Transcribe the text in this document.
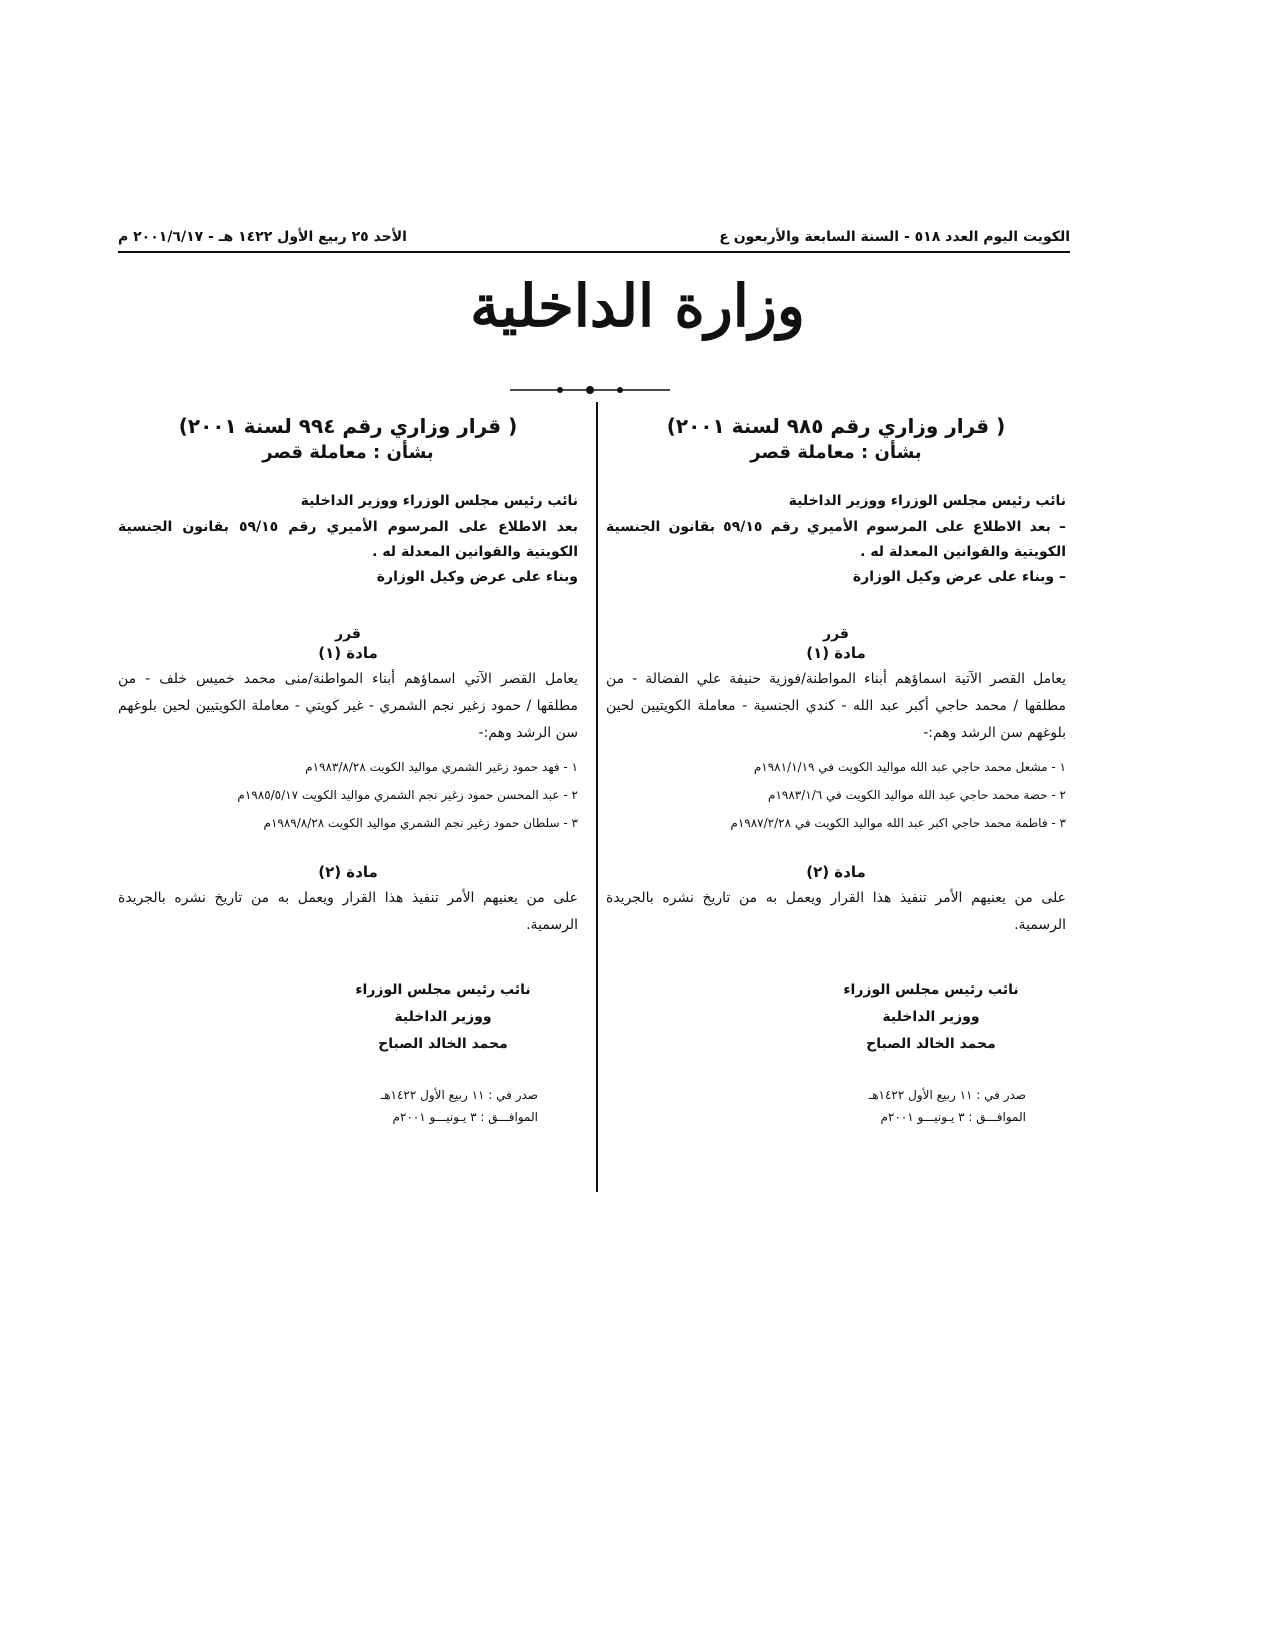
الكويت اليوم العدد ٥١٨ - السنة السابعة والأربعون ع
الأحد ٢٥ ربيع الأول ١٤٢٢ هـ - ٢٠٠١/٦/١٧ م
وزارة الداخلية
( قرار وزاري رقم ٩٨٥ لسنة ٢٠٠١)
بشأن : معاملة قصر
نائب رئيس مجلس الوزراء ووزير الداخلية

– بعد الاطلاع على المرسوم الأميري رقم ٥٩/١٥ بقانون الجنسية الكويتية والقوانين المعدلة له .

– وبناء على عرض وكيل الوزارة

قرر
مادة (١)

يعامل القصر الآتية اسماؤهم أبناء المواطنة/فوزية حنيفة علي الفضالة - من مطلقها / محمد حاجي أكبر عبد الله - كندي الجنسية - معاملة الكويتيين لحين بلوغهم سن الرشد وهم:-

١ - مشعل محمد حاجي عبد الله مواليد الكويت في ١٩٨١/١/١٩م
٢ - حصة محمد حاجي عبد الله مواليد الكويت في ١٩٨٣/١/٦م
٣ - فاطمة محمد حاجي اكبر عبد الله مواليد الكويت في ١٩٨٧/٢/٢٨م
مادة (٢)

على من يعنيهم الأمر تنفيذ هذا القرار ويعمل به من تاريخ نشره بالجريدة الرسمية.

نائب رئيس مجلس الوزراء
ووزير الداخلية
محمد الخالد الصباح
صدر في : ١١ ربيع الأول ١٤٢٢هـ
الموافـــق : ٣ يـونيـــو ٢٠٠١م
( قرار وزاري رقم ٩٩٤ لسنة ٢٠٠١)
بشأن : معاملة قصر
نائب رئيس مجلس الوزراء ووزير الداخلية

بعد الاطلاع على المرسوم الأميري رقم ٥٩/١٥ بقانون الجنسية الكويتية والقوانين المعدلة له .

وبناء على عرض وكيل الوزارة

قرر
مادة (١)

يعامل القصر الآتي اسماؤهم أبناء المواطنة/منى محمد خميس خلف - من مطلقها / حمود زغير نجم الشمري - غير كويتي - معاملة الكويتيين لحين بلوغهم سن الرشد وهم:-

١ - فهد حمود زغير الشمري مواليد الكويت ١٩٨٣/٨/٢٨م
٢ - عبد المحسن حمود زغير نجم الشمري مواليد الكويت ١٩٨٥/٥/١٧م
٣ - سلطان حمود زغير نجم الشمري مواليد الكويت ١٩٨٩/٨/٢٨م
مادة (٢)

على من يعنيهم الأمر تنفيذ هذا القرار ويعمل به من تاريخ نشره بالجريدة الرسمية.

نائب رئيس مجلس الوزراء
ووزير الداخلية
محمد الخالد الصباح
صدر في : ١١ ربيع الأول ١٤٢٢هـ
الموافـــق : ٣ يـونيـــو ٢٠٠١م
